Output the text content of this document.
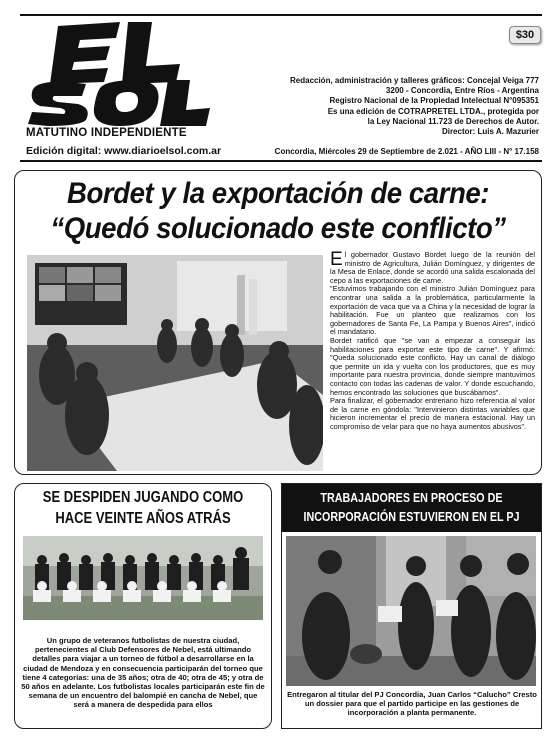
MATUTINO INDEPENDIENTE
Edición digital: www.diarioelsol.com.ar
$30
Redacción, administración y talleres gráficos: Concejal Veiga 777
3200 - Concordia, Entre Ríos - Argentina
Registro Nacional de la Propiedad Intelectual N°095351
Es una edición de COTRAPRETEL LTDA., protegida por
la Ley Nacional 11.723 de Derechos de Autor.
Director: Luis A. Mazurier
Concordia, Miércoles 29 de Septiembre de 2.021 - AÑO LIII - N° 17.158
Bordet y la exportación de carne:
“Quedó solucionado este conflicto”

El gobernador Gustavo Bordet luego de la reunión del ministro de Agricultura, Julián Domínguez, y dirigentes de la Mesa de Enlace, donde se acordó una salida escalonada del cepo a las exportaciones de carne.

"Estuvimos trabajando con el ministro Julián Domínguez para encontrar una salida a la problemática, particularmente la exportación de vaca que va a China y la necesidad de lograr la habilitación. Fue un planteo que realizamos con los gobernadores de Santa Fe, La Pampa y Buenos Aires", indicó el mandatario.

Bordet ratificó que "se van a empezar a conseguir las habilitaciones para exportar este tipo de carne". Y afirmó: "Queda solucionado este conflicto. Hay un canal de diálogo que permite un ida y vuelta con los productores, que es muy importante para nuestra provincia, donde siempre mantuvimos contacto con todas las cadenas de valor. Y donde escuchando, hemos encontrado las soluciones que buscábamos".

Para finalizar, el gobernador entreriano hizo referencia al valor de la carne en góndola: "Intervinieron distintas variables que hicieron incrementar el precio de manera estacional. Hay un compromiso de velar para que no haya aumentos abusivos".

SE DESPIDEN JUGANDO COMO
HACE VEINTE AÑOS ATRÁS
Un grupo de veteranos futbolistas de nuestra ciudad, pertenecientes al Club Defensores de Nebel, está ultimando detalles para viajar a un torneo de fútbol a desarrollarse en la ciudad de Mendoza y en consecuencia participarán del torneo que tiene 4 categorías: una de 35 años; otra de 40; otra de 45; y otra de 50 años en adelante. Los futbolistas locales participarán este fin de semana de un encuentro del balompié en cancha de Nebel, que será a manera de despedida para ellos
TRABAJADORES EN PROCESO DE
INCORPORACIÓN ESTUVIERON EN EL PJ
Entregaron al titular del PJ Concordia, Juan Carlos “Calucho” Cresto un dossier para que el partido participe en las gestiones de incorporación a planta permanente.
